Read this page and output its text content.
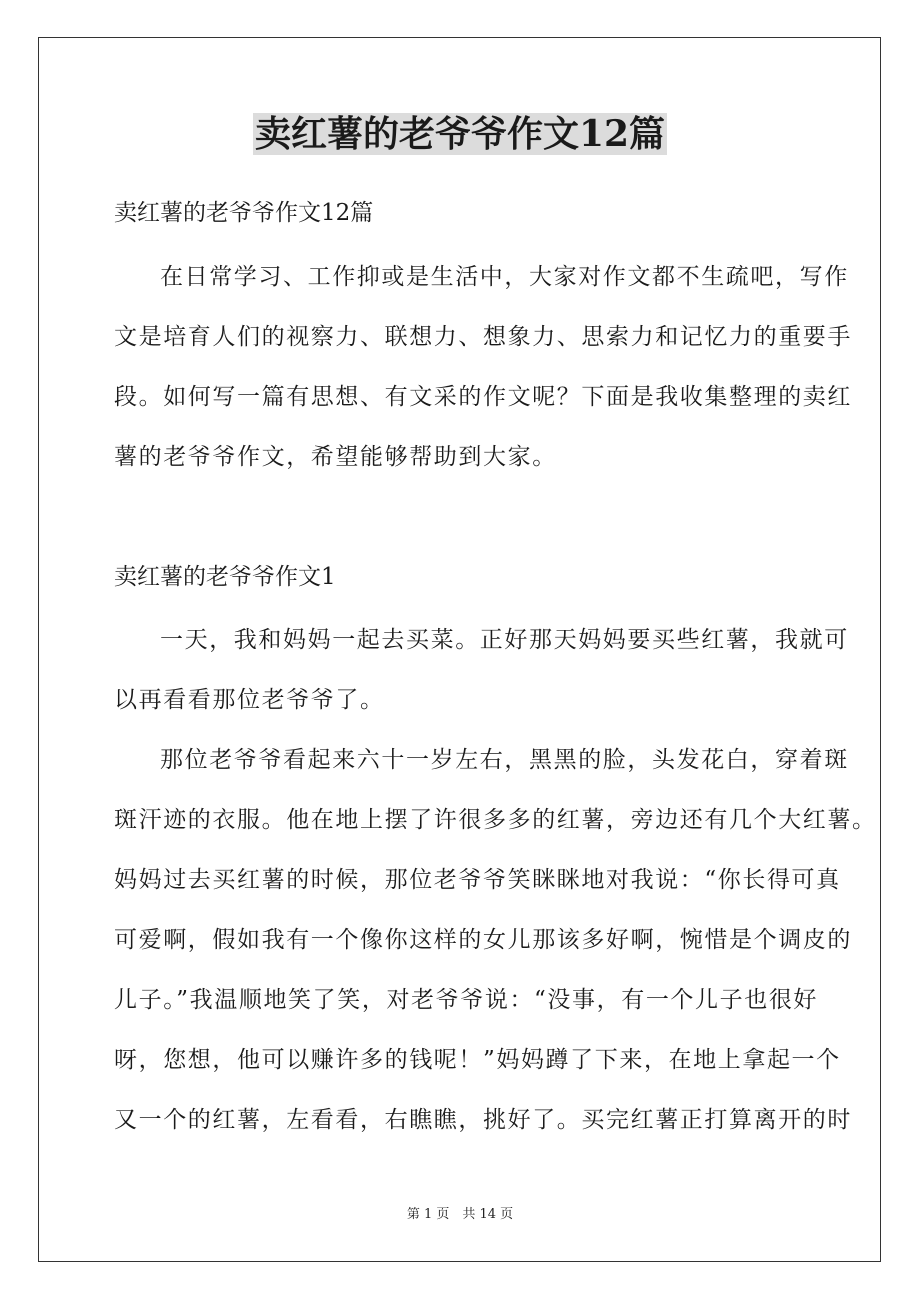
卖红薯的老爷爷作文12篇
卖红薯的老爷爷作文12篇
在日常学习、工作抑或是生活中，大家对作文都不生疏吧，写作
文是培育人们的视察力、联想力、想象力、思索力和记忆力的重要手
段。如何写一篇有思想、有文采的作文呢？下面是我收集整理的卖红
薯的老爷爷作文，希望能够帮助到大家。
卖红薯的老爷爷作文1
一天，我和妈妈一起去买菜。正好那天妈妈要买些红薯，我就可
以再看看那位老爷爷了。
那位老爷爷看起来六十一岁左右，黑黑的脸，头发花白，穿着斑
斑汗迹的衣服。他在地上摆了许很多多的红薯，旁边还有几个大红薯。
妈妈过去买红薯的时候，那位老爷爷笑眯眯地对我说：“你长得可真
可爱啊，假如我有一个像你这样的女儿那该多好啊，惋惜是个调皮的
儿子。”我温顺地笑了笑，对老爷爷说：“没事，有一个儿子也很好
呀，您想，他可以赚许多的钱呢！”妈妈蹲了下来，在地上拿起一个
又一个的红薯，左看看，右瞧瞧，挑好了。买完红薯正打算离开的时
第 1 页　共 14 页
